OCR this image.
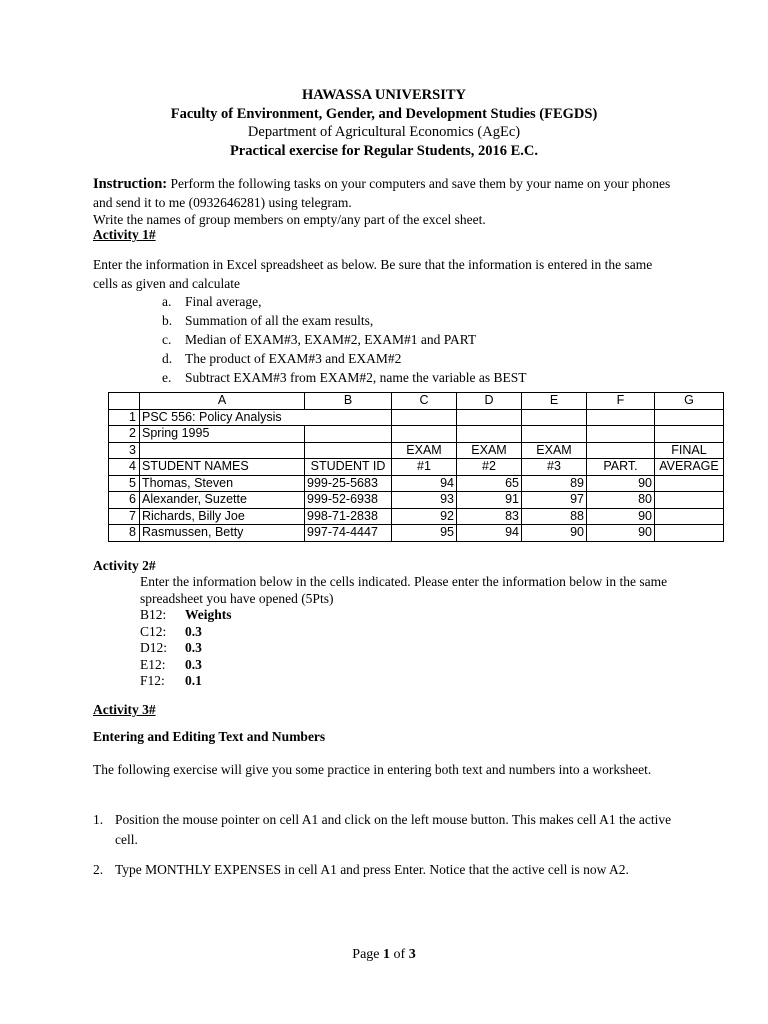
HAWASSA UNIVERSITY
Faculty of Environment, Gender, and Development Studies (FEGDS)
Department of Agricultural Economics (AgEc)
Practical exercise for Regular Students, 2016 E.C.
Instruction: Perform the following tasks on your computers and save them by your name on your phones and send it to me (0932646281) using telegram.
Write the names of group members on empty/any part of the excel sheet.
Activity 1#
Enter the information in Excel spreadsheet as below. Be sure that the information is entered in the same cells as given and calculate
a.	Final average,
b. Summation of all the exam results,
c.	Median of EXAM#3, EXAM#2, EXAM#1 and PART
d. The product of EXAM#3 and EXAM#2
e.	Subtract EXAM#3 from EXAM#2, name the variable as BEST
	A	B	C	D	E	F	G
1	PSC 556: Policy Analysis						
2	Spring 1995						
3			EXAM	EXAM	EXAM		FINAL
4	STUDENT NAMES	STUDENT ID	#1	#2	#3	PART.	AVERAGE
5	Thomas, Steven	999-25-5683	94	65	89	90	
6	Alexander, Suzette	999-52-6938	93	91	97	80	
7	Richards, Billy Joe	998-71-2838	92	83	88	90	
8	Rasmussen, Betty	997-74-4447	95	94	90	90	
Activity 2#
Enter the information below in the cells indicated. Please enter the information below in the same spreadsheet you have opened (5Pts)
B12:	Weights
C12:	0.3
D12:	0.3
E12:	0.3
F12:	0.1
Activity 3#
Entering and Editing Text and Numbers
The following exercise will give you some practice in entering both text and numbers into a worksheet.
1. Position the mouse pointer on cell A1 and click on the left mouse button. This makes cell A1 the active cell.
2. Type MONTHLY EXPENSES in cell A1 and press Enter. Notice that the active cell is now A2.
Page 1 of 3
